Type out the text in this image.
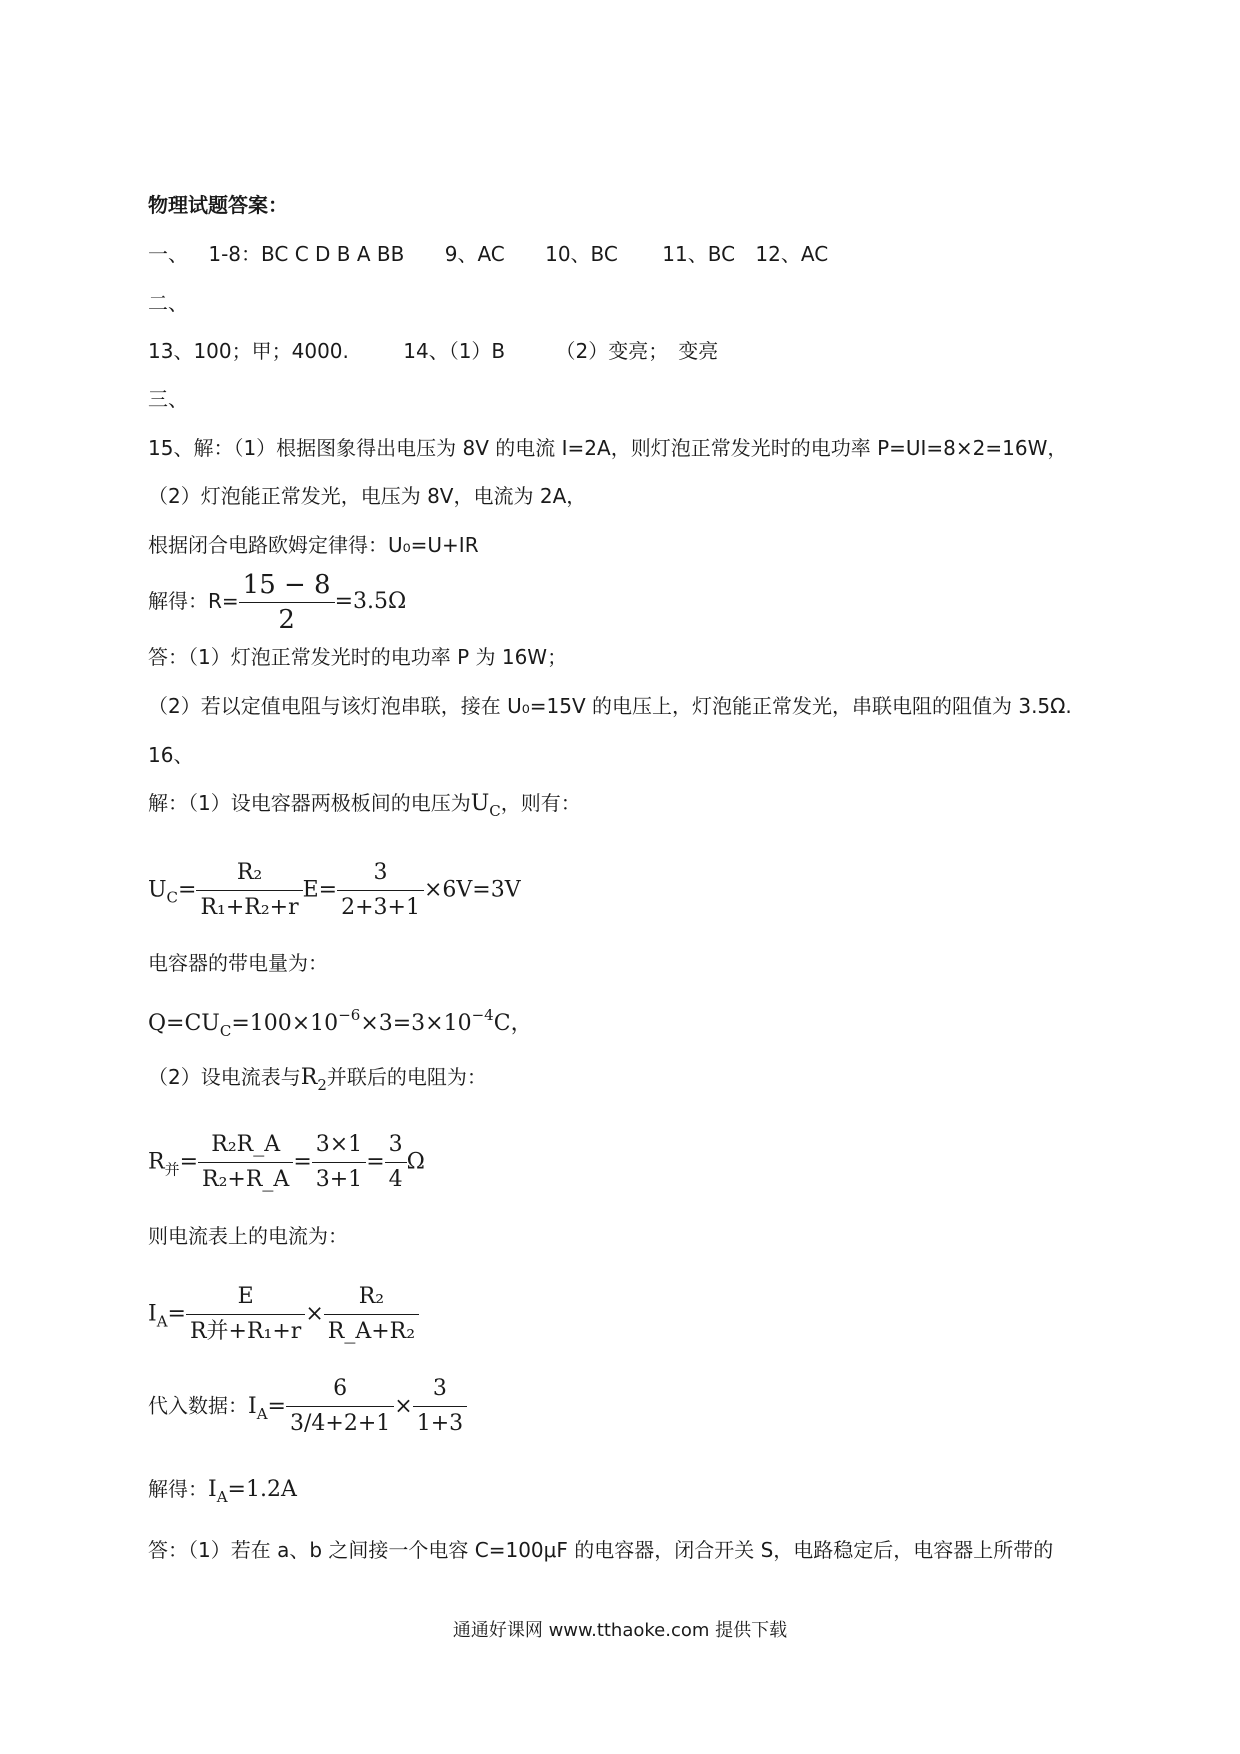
物理试题答案：
一、 1-8：BC C D B A BB 9、AC 10、BC 11、BC 12、AC
二、
13、100；甲；4000.	14、（1）B	（2）变亮；　变亮
三、
15、解：（1）根据图象得出电压为 8V 的电流 I=2A，则灯泡正常发光时的电功率 P=UI=8×2=16W，
（2）灯泡能正常发光，电压为 8V，电流为 2A，
根据闭合电路欧姆定律得：U₀=U+IR
解得：$R= \frac{15 - 8}{2} =3.5\Omega$
答：（1）灯泡正常发光时的电功率 P 为 16W；
（2）若以定值电阻与该灯泡串联，接在 U₀=15V 的电压上，灯泡能正常发光，串联电阻的阻值为 3.5Ω.
16、
解：（1）设电容器两极板间的电压为$U_C$，则有：
$U_C= \frac{\text{R₂}}{\text{R₁+R₂+r}} E= \frac{3}{2+3+1} \times 6V=3V$
电容器的带电量为：
$Q=CU_C=100\times 10^{-6}\times 3=3\times 10^{-4}C$，
（2）设电流表与$R_2$并联后的电阻为：
$R_并= \frac{\text{R₂R\_A}}{\text{R₂+R\_A}} = \frac{3\times 1}{3+1} = \frac{3}{4}$ Ω
则电流表上的电流为：
$I_A= \frac{E}{\text{R并+R₁+r}} \times \frac{\text{R₂}}{\text{R\_A+R₂}}$
代入数据：$I_A= \frac{6}{3/4+2+1} \times \frac{3}{1+3}$
解得：$I_A=1.2A$
答：（1）若在 a、b 之间接一个电容 C=100μF 的电容器，闭合开关 S，电路稳定后，电容器上所带的
通通好课网 www.tthaoke.com 提供下载
